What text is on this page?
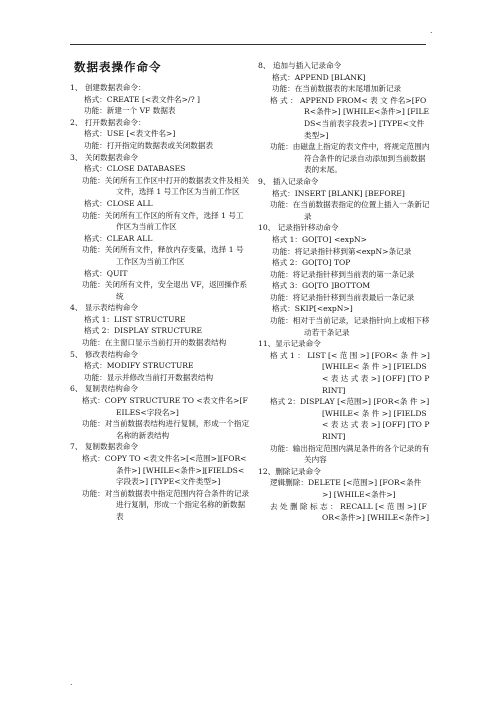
.
数据表操作命令
1、 创建数据表命令：
格式：CREATE [<表文件名>/? ]
功能：新建一个 VF 数据表
2、 打开数据表命令：
格式：USE [<表文件名>]
功能：打开指定的数据表或关闭数据表
3、 关闭数据表命令
格式：CLOSE DATABASES
功能：关闭所有工作区中打开的数据表文件及相关文件，选择 1 号工作区为当前工作区
格式：CLOSE ALL
功能：关闭所有工作区的所有文件，选择 1 号工作区为当前工作区
格式：CLEAR ALL
功能：关闭所有文件，释放内存变量，选择 1 号工作区为当前工作区
格式：QUIT
功能：关闭所有文件，安全退出 VF，返回操作系统
4、 显示表结构命令
格式 1：LIST STRUCTURE
格式 2：DISPLAY STRUCTURE
功能：在主窗口显示当前打开的数据表结构
5、 修改表结构命令
格式：MODIFY STRUCTURE
功能：显示并修改当前打开数据表结构
6、 复制表结构命令
格式：COPY STRUCTURE TO <表文件名>[FEILES<字段名>]
功能：对当前数据表结构进行复制，形成一个指定名称的新表结构
7、 复制数据表命令
格式：COPY TO <表文件名>[<范围>][FOR<条件>] [WHILE<条件>][FIELDS<字段表>] [TYPE<文件类型>]
功能：对当前数据表中指定范围内符合条件的记录进行复制，形成一个指定名称的新数据表
8、 追加与插入记录命令
格式：APPEND [BLANK]
功能：在当前数据表的末尾增加新记录
格 式 ： APPEND FROM< 表 文 件名>[FOR<条件>] [WHILE<条件>] [FILEDS<当前表字段表>] [TYPE<文件类型>]
功能：由磁盘上指定的表文件中，将规定范围内符合条件的记录自动添加到当前数据表的末尾。
9、 插入记录命令
格式：INSERT [BLANK] [BEFORE]
功能：在当前数据表指定的位置上插入一条新记录
10、 记录指针移动命令
格式 1：GO[TO] <expN>
功能：将记录指针移到第<expN>条记录
格式 2：GO[TO] TOP
功能：将记录指针移到当前表的第一条记录
格式 3：GO[TO ]BOTTOM
功能：将记录指针移到当前表最后一条记录
格式：SKIP[<expN>]
功能：相对于当前记录，记录指针向上或相下移动若干条记录
11、显示记录命令
格 式 1 ： LIST [< 范 围 >] [FOR< 条 件 >][WHILE< 条 件 >] [FIELDS< 表 达 式 表 >] [OFF] [TO PRINT]
格式 2：DISPLAY [<范围>] [FOR<条 件 >][WHILE< 条 件 >] [FIELDS< 表 达 式 表 >] [OFF] [TO PRINT]
功能：输出指定范围内满足条件的各个记录的有关内容
12、删除记录命令
逻辑删除：DELETE [<范围>] [FOR<条件>] [WHILE<条件>]
去 处 删 除 标 志 ： RECALL [< 范 围 >] [FOR<条件>] [WHILE<条件>]
.
